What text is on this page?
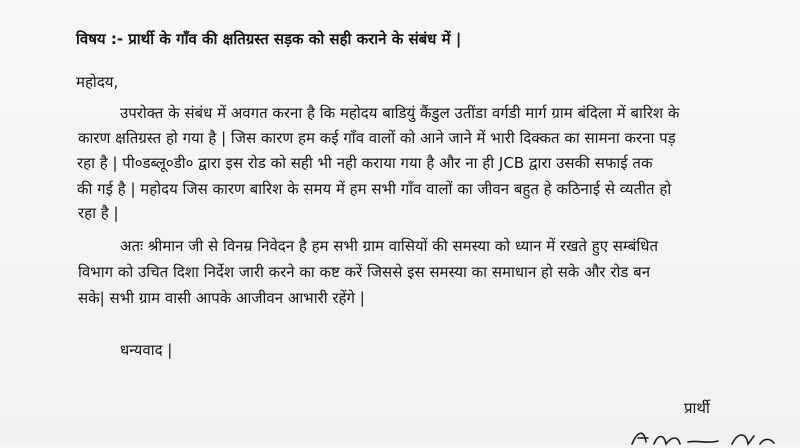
विषय :- प्रार्थी के गाँव की क्षतिग्रस्त सड़क को सही कराने के संबंध में |
महोदय,
उपरोक्त के संबंध में अवगत करना है कि महोदय बाडियुं कैंडुल उतींडा वर्गडी मार्ग ग्राम बंदिला में बारिश के
कारण क्षतिग्रस्त हो गया है | जिस कारण हम कई गाँव वालों को आने जाने में भारी दिक्कत का सामना करना पड़
रहा है | पी०डब्लू०डी० द्वारा इस रोड को सही भी नही कराया गया है और ना ही JCB द्वारा उसकी सफाई तक
की गई है | महोदय जिस कारण बारिश के समय में हम सभी गाँव वालों का जीवन बहुत हे कठिनाई से व्यतीत हो
रहा है |
अतः श्रीमान जी से विनम्र निवेदन है हम सभी ग्राम वासियों की समस्या को ध्यान में रखते हुए सम्बंधित
विभाग को उचित दिशा निर्देश जारी करने का कष्ट करें जिससे इस समस्या का समाधान हो सके और रोड बन
सके| सभी ग्राम वासी आपके आजीवन आभारी रहेंगे |
धन्यवाद |
प्रार्थी
